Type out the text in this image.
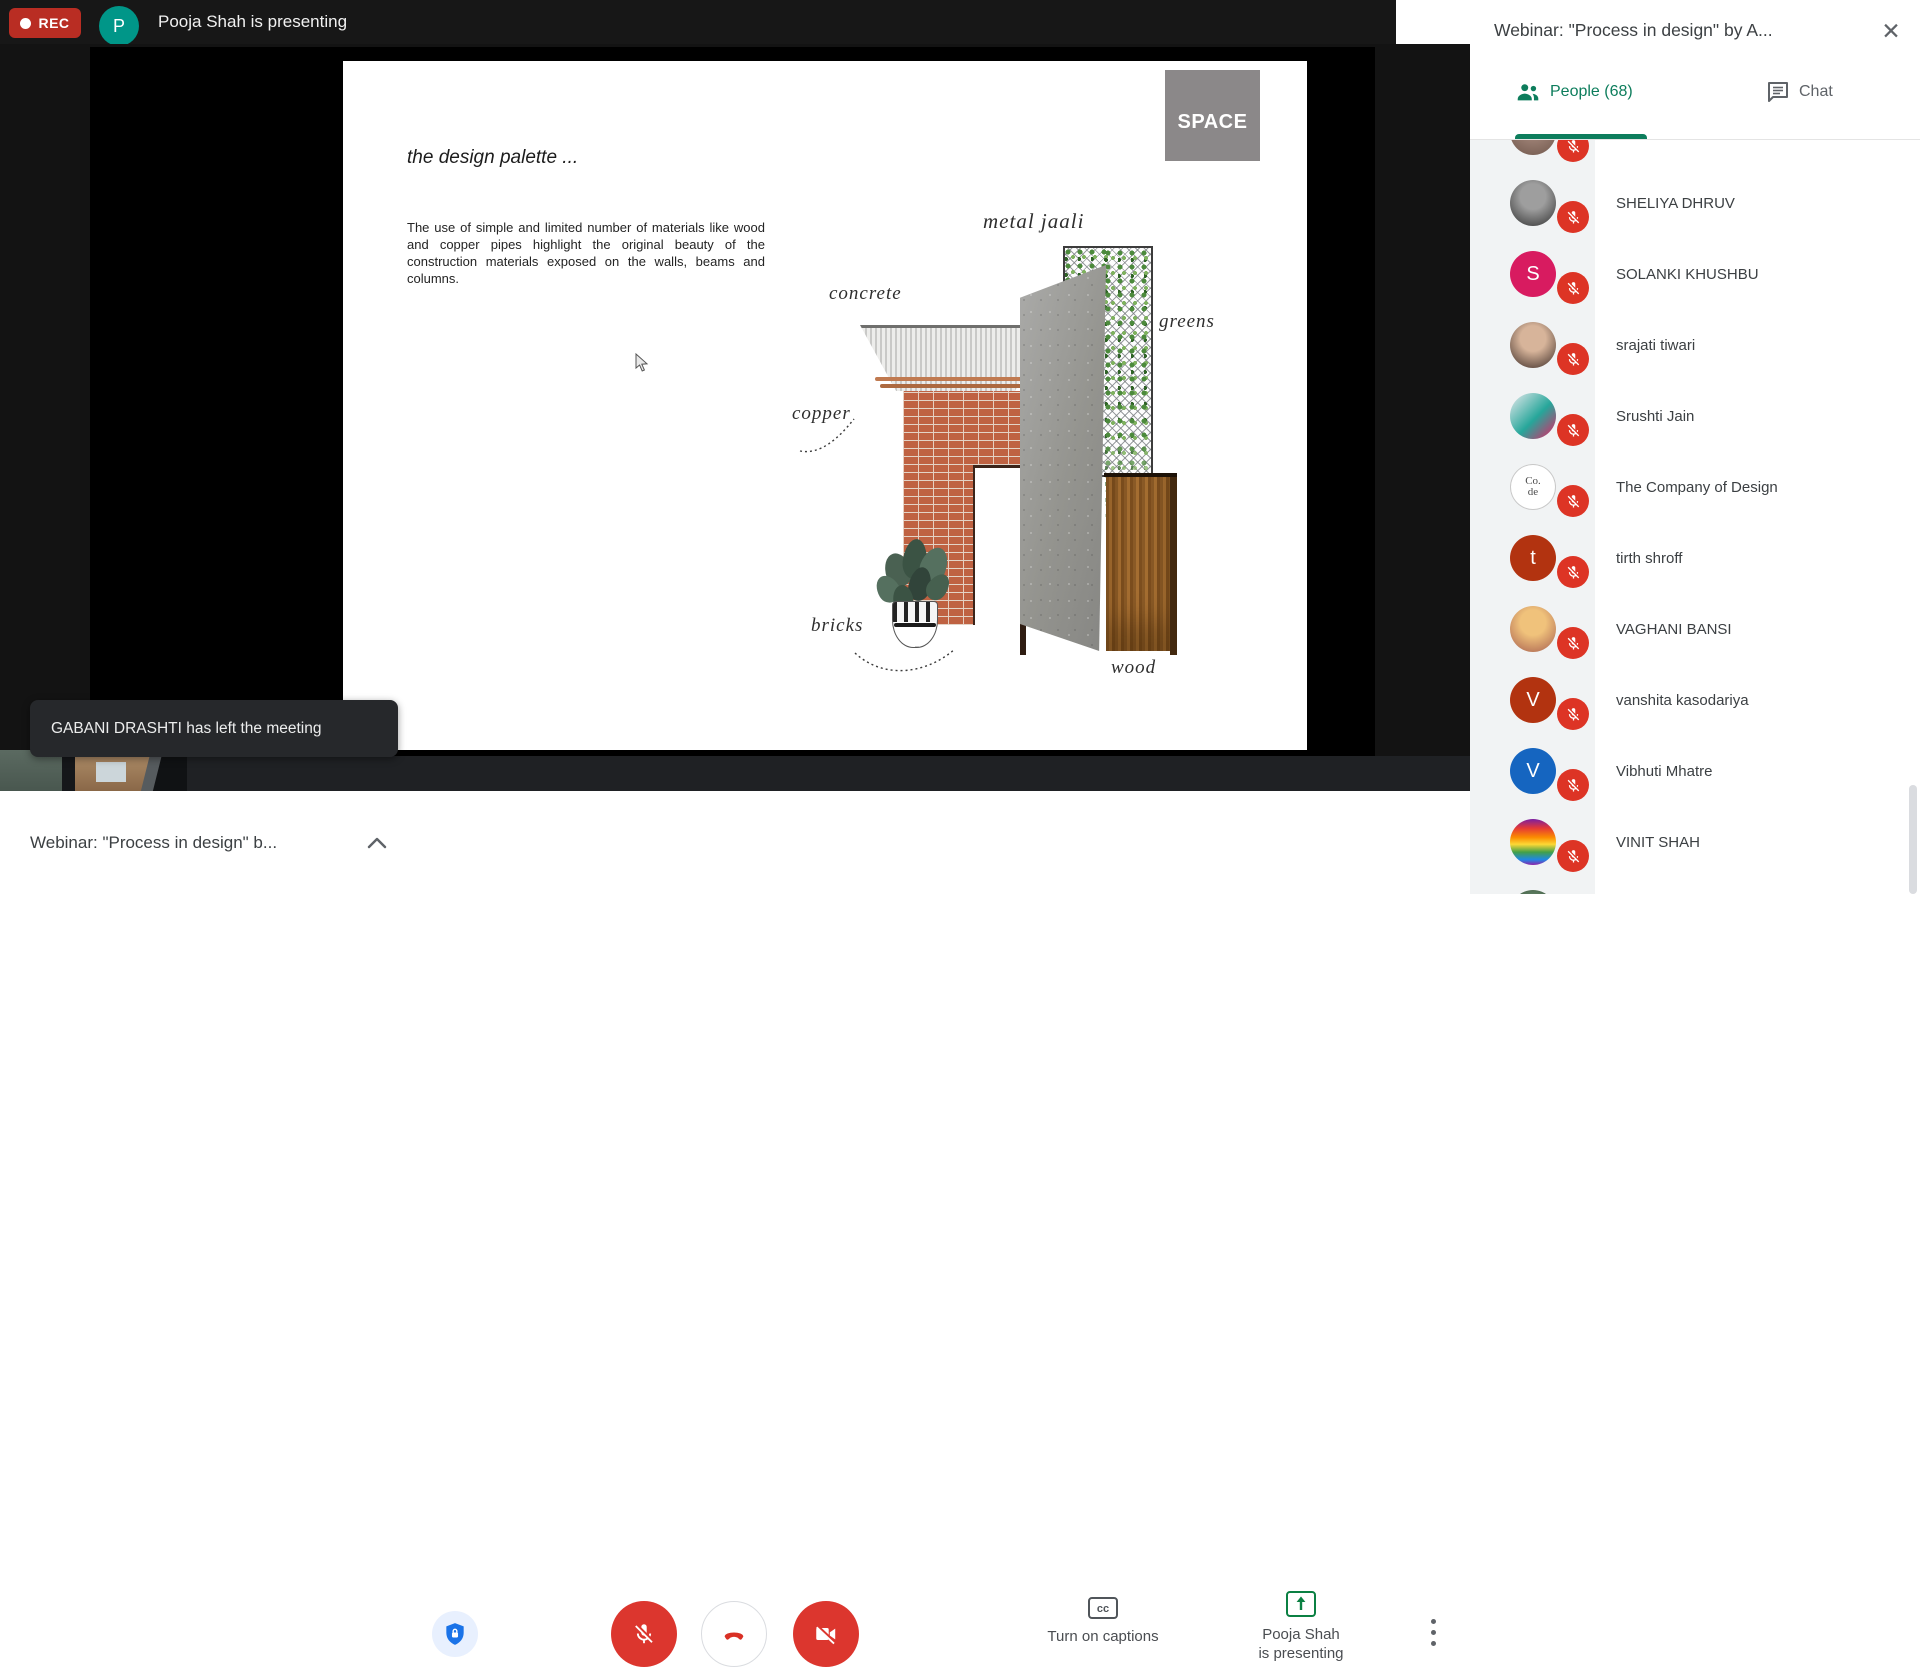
REC P Pooja Shah is presenting
SPACE
the design palette ...
The use of simple and limited number of materials like wood and copper pipes highlight the original beauty of the construction materials exposed on the walls, beams and columns.
metal jaali
concrete
copper
greens
bricks
wood
GABANI DRASHTI has left the meeting
Webinar: "Process in design" b...
cc
Turn on captions	Pooja Shah
is presenting
Webinar: "Process in design" by A...	✕
People (68)	Chat
SHELIYA DHRUV
S	SOLANKI KHUSHBU
srajati tiwari
Srushti Jain
Co.
de	The Company of Design
t	tirth shroff
VAGHANI BANSI
V	vanshita kasodariya
V	Vibhuti Mhatre
VINIT SHAH
